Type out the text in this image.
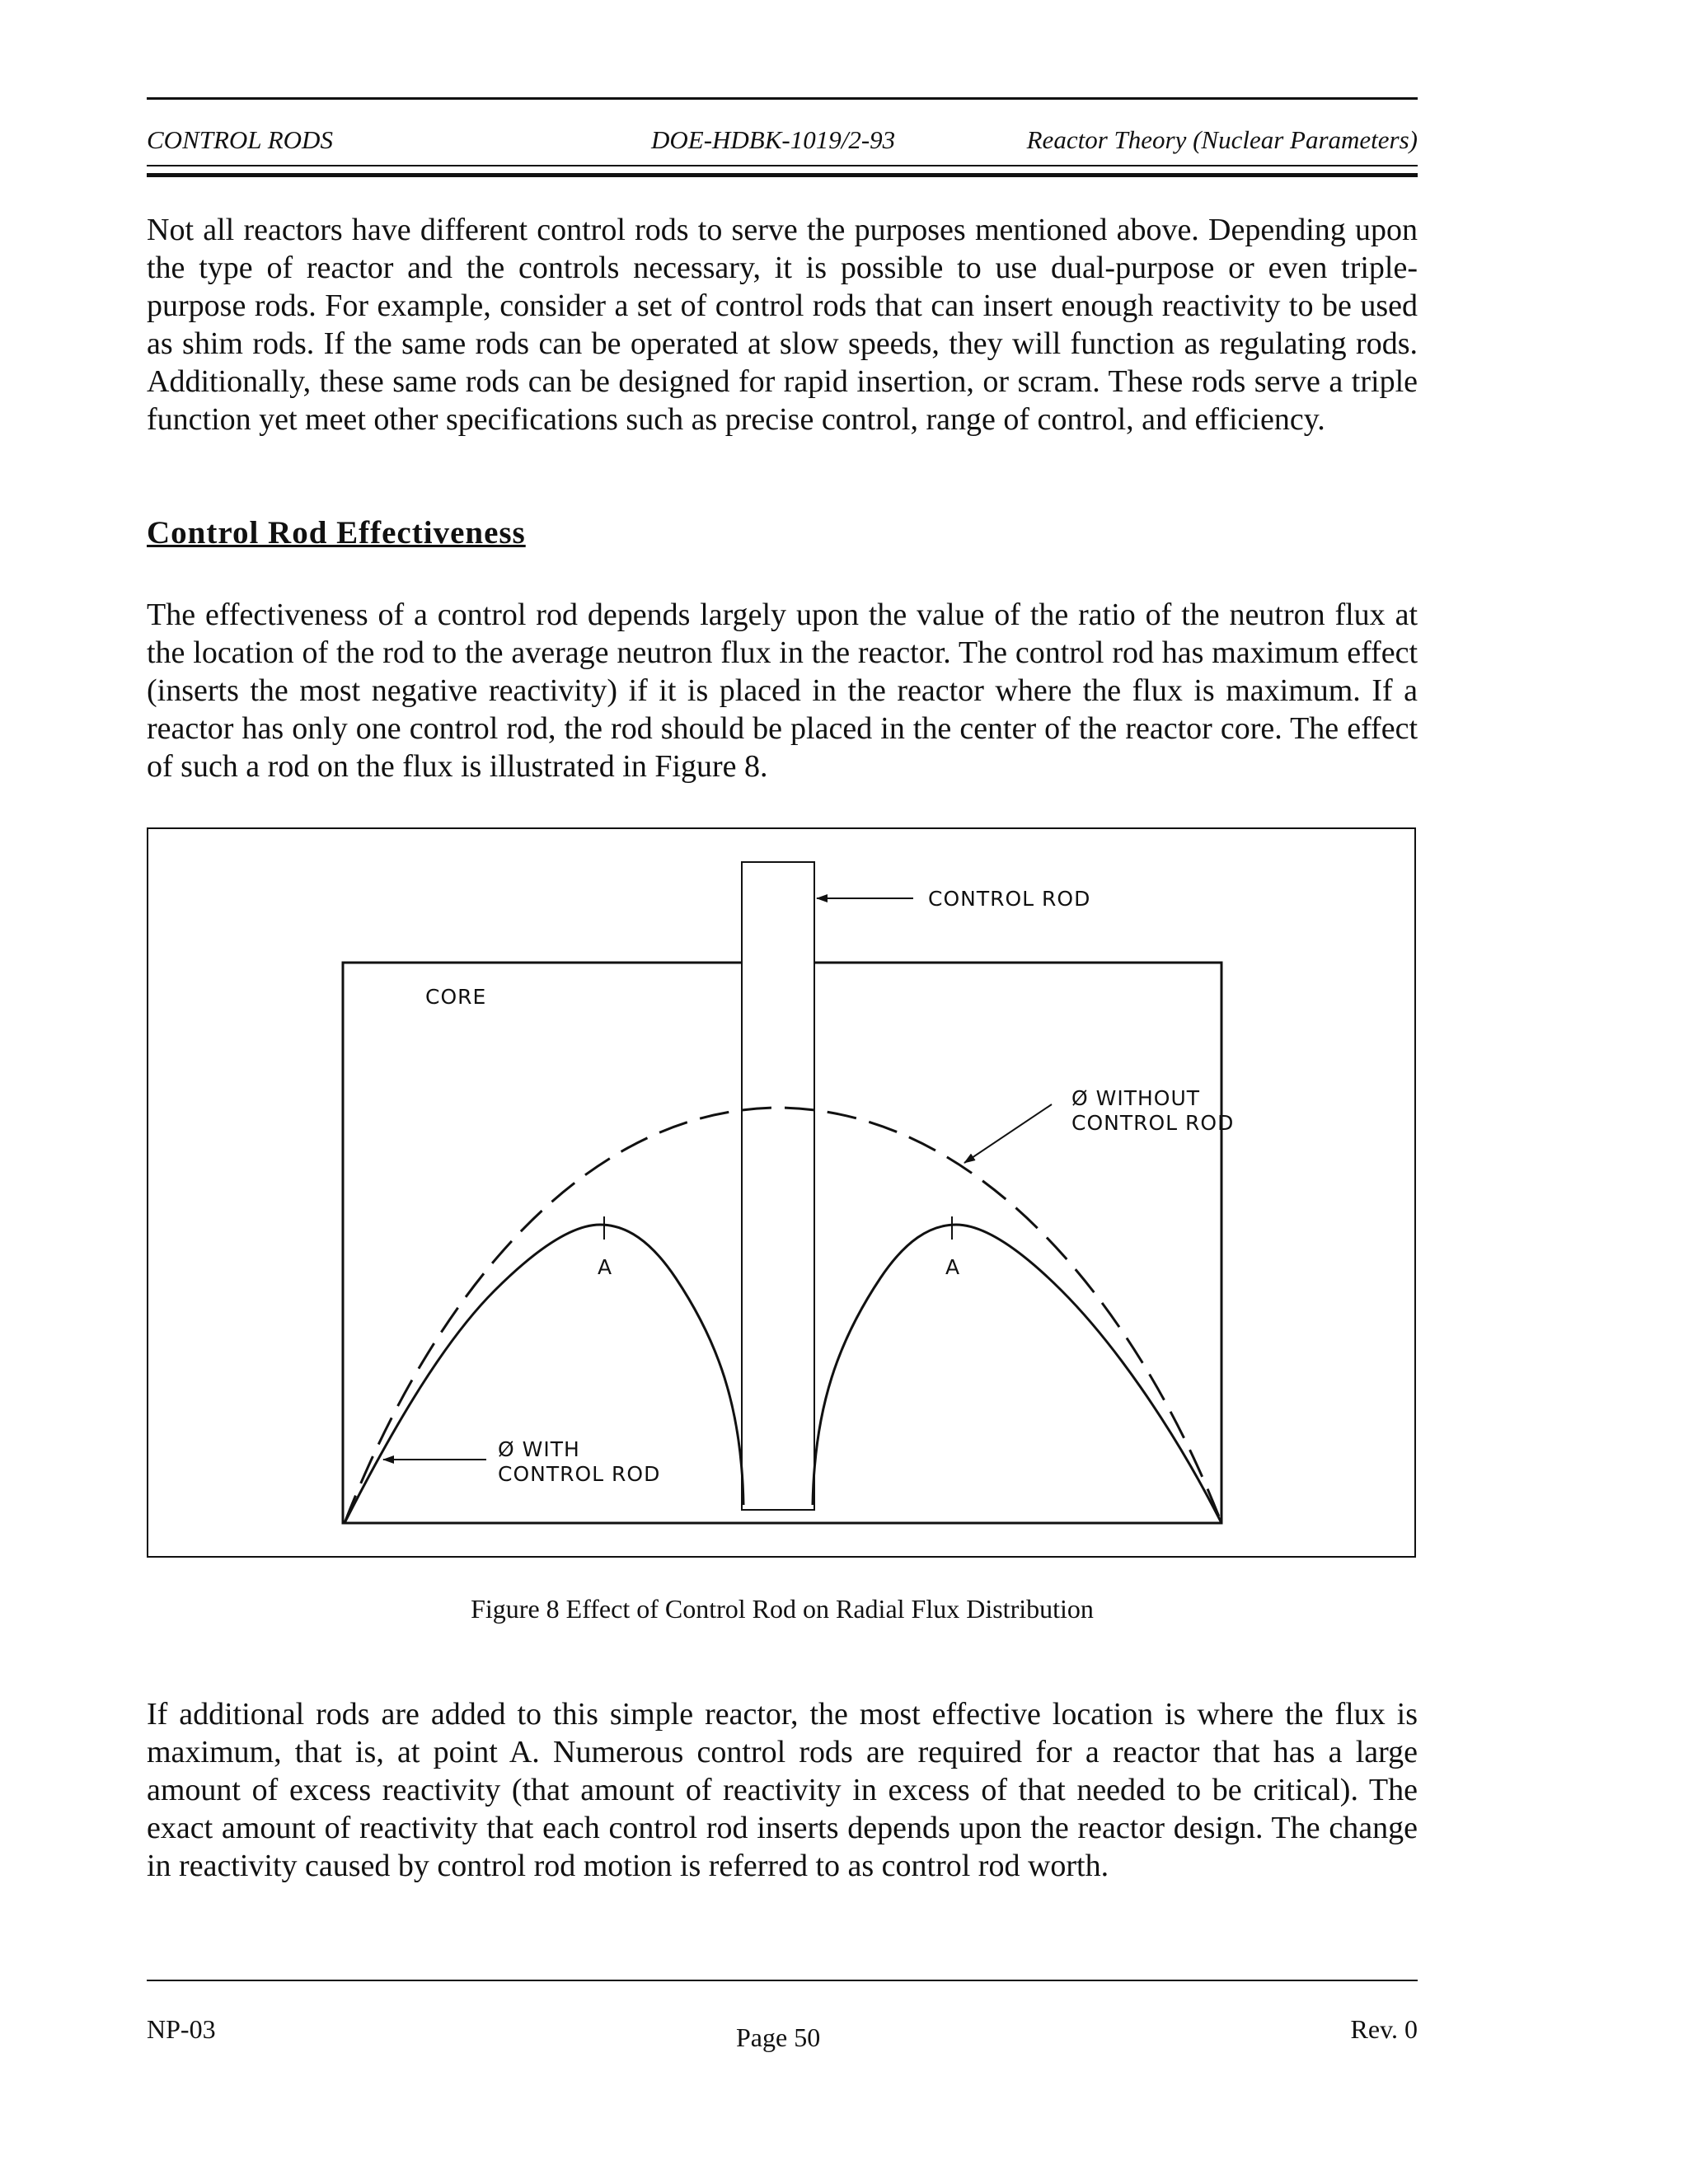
CONTROL RODS	DOE-HDBK-1019/2-93	Reactor Theory (Nuclear Parameters)

Not all reactors have different control rods to serve the purposes mentioned above. Depending upon the type of reactor and the controls necessary, it is possible to use dual-purpose or even triple-purpose rods. For example, consider a set of control rods that can insert enough reactivity to be used as shim rods. If the same rods can be operated at slow speeds, they will function as regulating rods. Additionally, these same rods can be designed for rapid insertion, or scram. These rods serve a triple function yet meet other specifications such as precise control, range of control, and efficiency.

Control Rod Effectiveness

The effectiveness of a control rod depends largely upon the value of the ratio of the neutron flux at the location of the rod to the average neutron flux in the reactor. The control rod has maximum effect (inserts the most negative reactivity) if it is placed in the reactor where the flux is maximum. If a reactor has only one control rod, the rod should be placed in the center of the reactor core. The effect of such a rod on the flux is illustrated in Figure 8.

A	A
CONTROL ROD
CORE
Ø WITHOUT
CONTROL ROD
Ø WITH
CONTROL ROD
Figure 8 Effect of Control Rod on Radial Flux Distribution

If additional rods are added to this simple reactor, the most effective location is where the flux is maximum, that is, at point A. Numerous control rods are required for a reactor that has a large amount of excess reactivity (that amount of reactivity in excess of that needed to be critical). The exact amount of reactivity that each control rod inserts depends upon the reactor design. The change in reactivity caused by control rod motion is referred to as control rod worth.

NP-03	Page 50	Rev. 0
